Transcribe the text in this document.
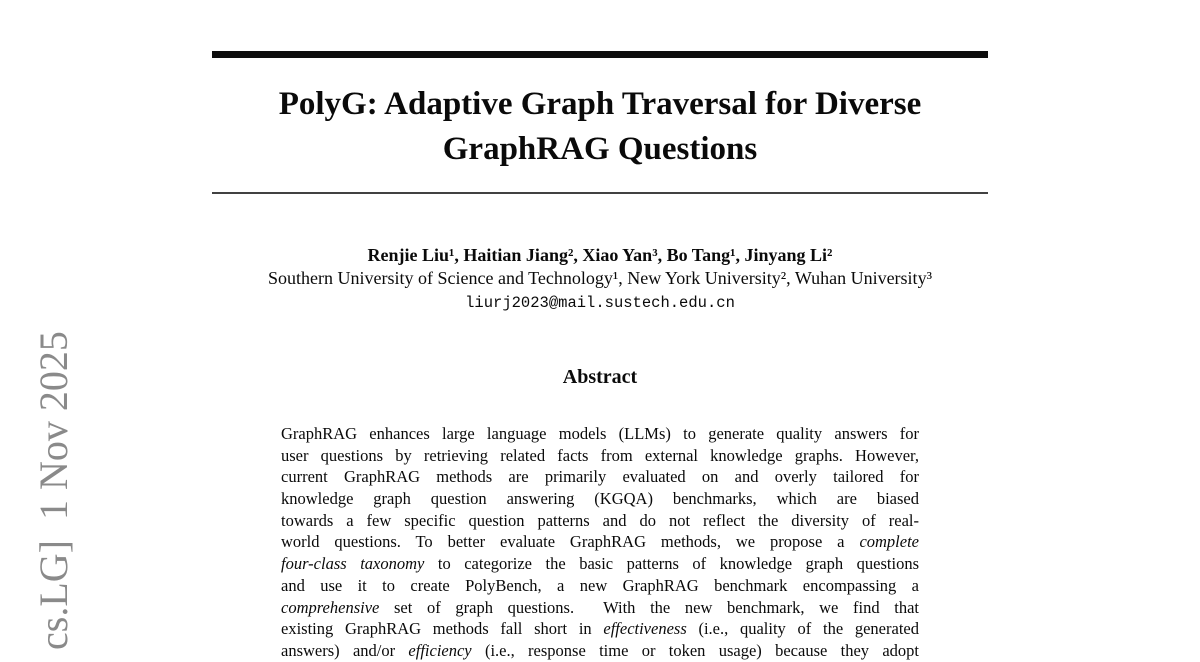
cs.LG]  1 Nov 2025
PolyG: Adaptive Graph Traversal for Diverse
GraphRAG Questions
Renjie Liu¹, Haitian Jiang², Xiao Yan³, Bo Tang¹, Jinyang Li²
Southern University of Science and Technology¹, New York University², Wuhan University³
liurj2023@mail.sustech.edu.cn
Abstract
GraphRAG enhances large language models (LLMs) to generate quality answers for
user questions by retrieving related facts from external knowledge graphs. However,
current GraphRAG methods are primarily evaluated on and overly tailored for
knowledge graph question answering (KGQA) benchmarks, which are biased
towards a few specific question patterns and do not reflect the diversity of real-
world questions. To better evaluate GraphRAG methods, we propose a complete
four-class taxonomy to categorize the basic patterns of knowledge graph questions
and use it to create PolyBench, a new GraphRAG benchmark encompassing a
comprehensive set of graph questions.  With the new benchmark, we find that
existing GraphRAG methods fall short in effectiveness (i.e., quality of the generated
answers) and/or efficiency (i.e., response time or token usage) because they adopt
